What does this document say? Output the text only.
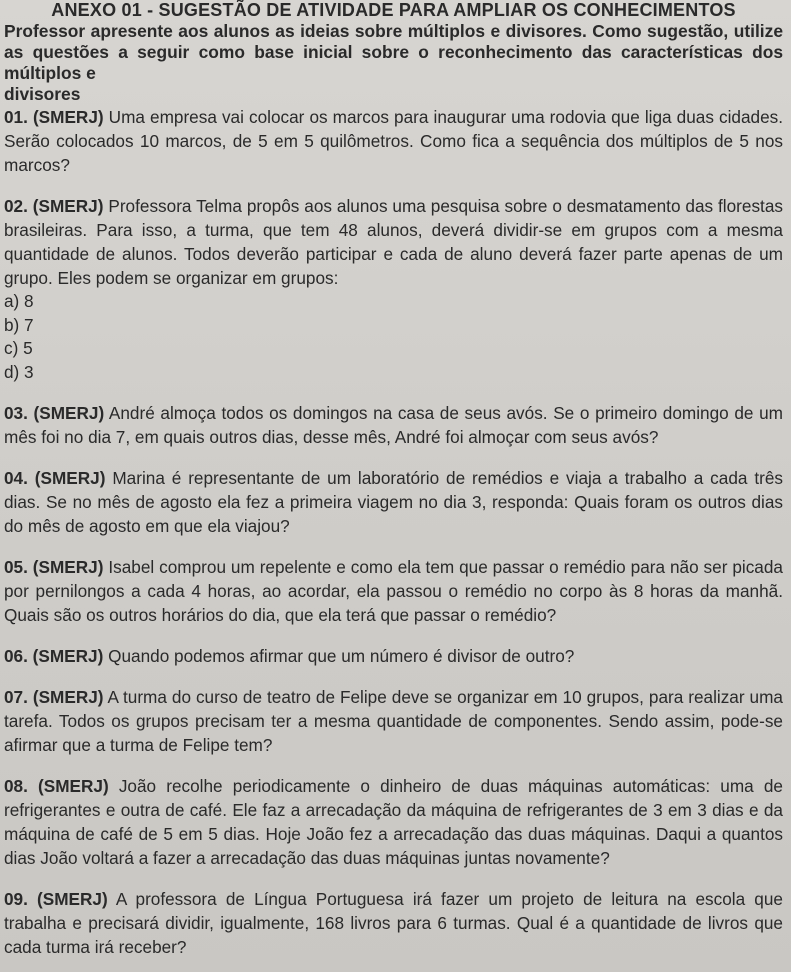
ANEXO 01 - SUGESTÃO DE ATIVIDADE PARA AMPLIAR OS CONHECIMENTOS

Professor apresente aos alunos as ideias sobre múltiplos e divisores. Como sugestão, utilize as questões a seguir como base inicial sobre o reconhecimento das características dos múltiplos e
divisores

01. (SMERJ) Uma empresa vai colocar os marcos para inaugurar uma rodovia que liga duas cidades. Serão colocados 10 marcos, de 5 em 5 quilômetros. Como fica a sequência dos múltiplos de 5 nos marcos?

02. (SMERJ) Professora Telma propôs aos alunos uma pesquisa sobre o desmatamento das florestas brasileiras. Para isso, a turma, que tem 48 alunos, deverá dividir-se em grupos com a mesma quantidade de alunos. Todos deverão participar e cada de aluno deverá fazer parte apenas de um grupo. Eles podem se organizar em grupos:

a) 8
b) 7
c) 5
d) 3

03. (SMERJ) André almoça todos os domingos na casa de seus avós. Se o primeiro domingo de um mês foi no dia 7, em quais outros dias, desse mês, André foi almoçar com seus avós?

04. (SMERJ) Marina é representante de um laboratório de remédios e viaja a trabalho a cada três dias. Se no mês de agosto ela fez a primeira viagem no dia 3, responda: Quais foram os outros dias do mês de agosto em que ela viajou?

05. (SMERJ) Isabel comprou um repelente e como ela tem que passar o remédio para não ser picada por pernilongos a cada 4 horas, ao acordar, ela passou o remédio no corpo às 8 horas da manhã. Quais são os outros horários do dia, que ela terá que passar o remédio?

06. (SMERJ) Quando podemos afirmar que um número é divisor de outro?

07. (SMERJ) A turma do curso de teatro de Felipe deve se organizar em 10 grupos, para realizar uma tarefa. Todos os grupos precisam ter a mesma quantidade de componentes. Sendo assim, pode-se afirmar que a turma de Felipe tem?

08. (SMERJ) João recolhe periodicamente o dinheiro de duas máquinas automáticas: uma de refrigerantes e outra de café. Ele faz a arrecadação da máquina de refrigerantes de 3 em 3 dias e da máquina de café de 5 em 5 dias. Hoje João fez a arrecadação das duas máquinas. Daqui a quantos dias João voltará a fazer a arrecadação das duas máquinas juntas novamente?

09. (SMERJ) A professora de Língua Portuguesa irá fazer um projeto de leitura na escola que trabalha e precisará dividir, igualmente, 168 livros para 6 turmas. Qual é a quantidade de livros que cada turma irá receber?
